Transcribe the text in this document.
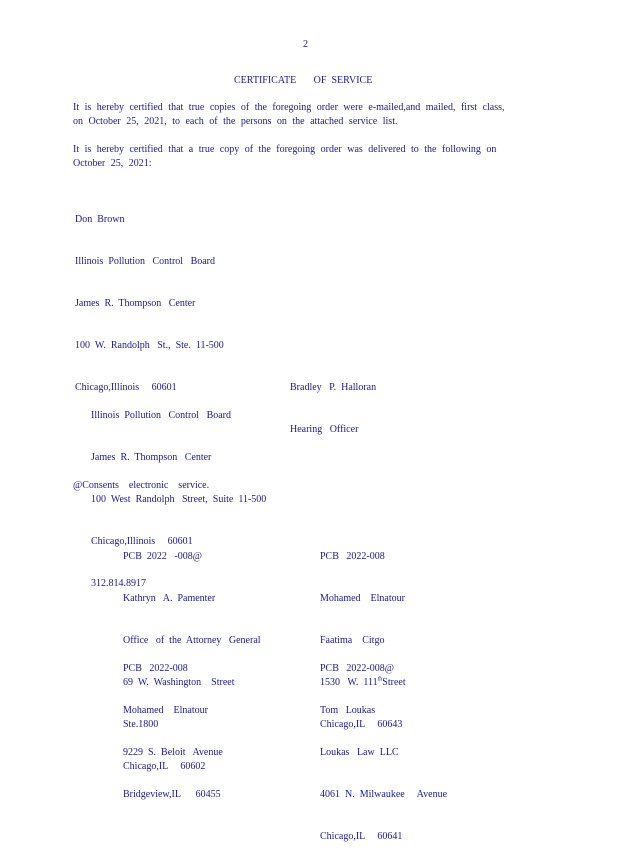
2
CERTIFICATE       OF  SERVICE
It is hereby certified that true copies of the foregoing order were e-mailed,and mailed, first class, on October 25, 2021, to each of the persons on the attached service list.
It is hereby certified that a true copy of the foregoing order was delivered to the following on October 25, 2021:

Don  Brown

Illinois  Pollution   Control   Board

James  R.  Thompson   Center

100  W.  Randolph   St.,  Ste.  11-500

Chicago,Illinois     60601

	Bradley   P.  Halloran

Hearing   Officer

Illinois  Pollution   Control   Board

James  R.  Thompson   Center

100  West  Randolph   Street,  Suite  11-500

Chicago,Illinois     60601

312.814.8917

@Consents    electronic    service.

PCB  2022   -008@

Kathryn   A.  Pamenter

Office   of  the  Attorney   General

69  W.  Washington    Street

Ste.1800

Chicago,IL     60602

PCB   2022-008

Mohamed    Elnatour

Faatima    Citgo

1530   W.  111thStreet

Chicago,IL     60643

PCB   2022-008

Mohamed    Elnatour

9229  S.  Beloit   Avenue

Bridgeview,IL      60455

PCB   2022-008@

Tom   Loukas

Loukas   Law  LLC

4061  N.  Milwaukee     Avenue

Chicago,IL     60641
